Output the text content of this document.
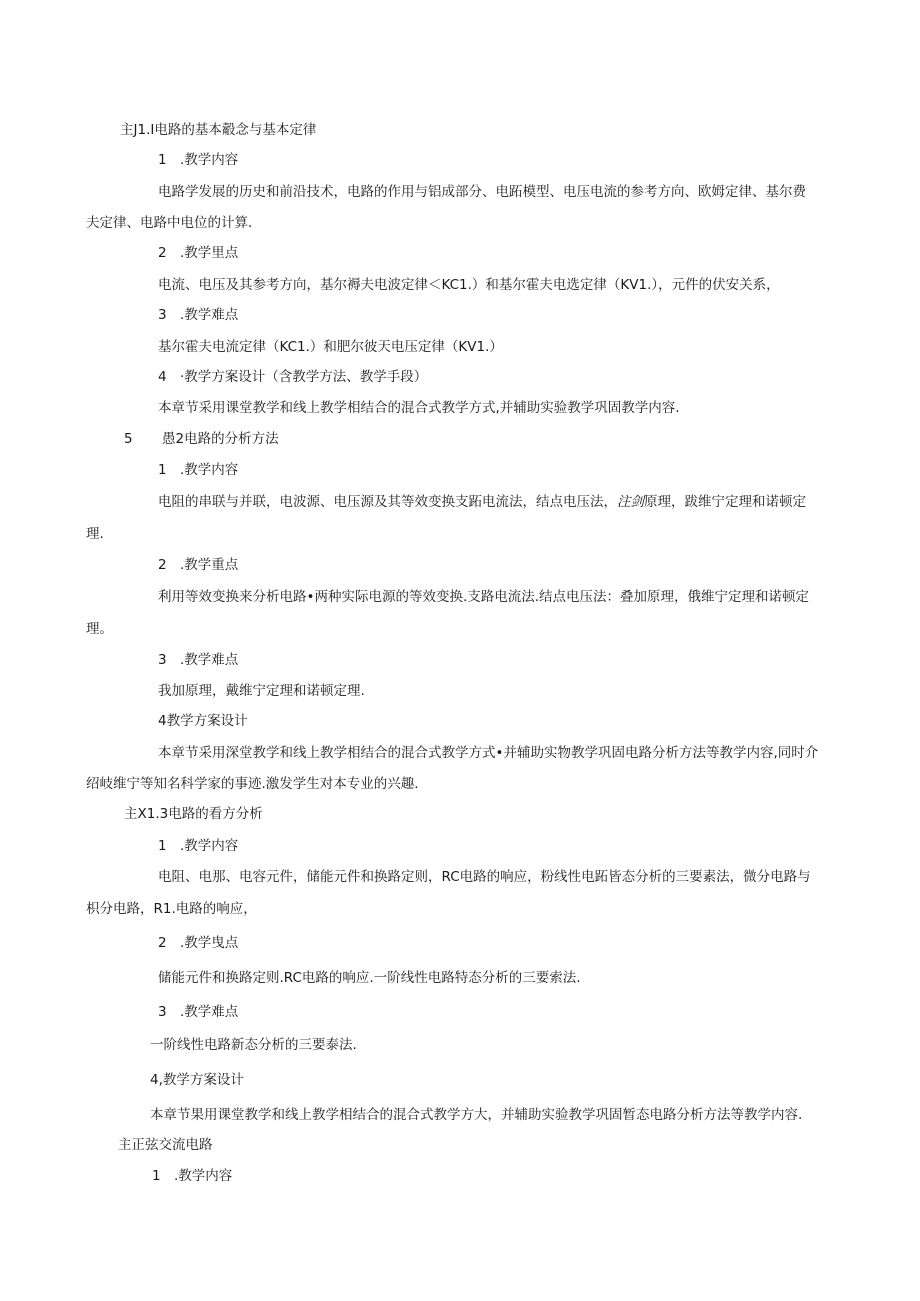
主J1.I电路的基本觳念与基本定律

1 .教学内容

电路学发展的历史和前沿技术，电路的作用与铝成部分、电跖模型、电压电流的参考方向、欧姆定律、基尔费

夫定律、电路中电位的计算.

2 .教学里点

电流、电压及其参考方向，基尔褥夫电波定律＜KC1.）和基尔霍夫电选定律（KV1.），元件的伏安关系，

3 .教学难点

基尔霍夫电流定律（KC1.）和肥尔彼天电压定律（KV1.）

4 ·教学方案设计（含教学方法、教学手段）

本章节采用课堂教学和线上教学相结合的混合式教学方式,并辅助实验教学巩固教学内容.

5 愚2电路的分析方法

1 .教学内容

电阻的串联与并联，电波源、电压源及其等效变换支跖电流法，结点电压法，注剑原理，跋维宁定理和诺顿定

理.

2 .教学重点

利用等效变换来分析电路•两种实际电源的等效变换.支路电流法.结点电压法：叠加原理，俄维宁定理和诺顿定

理。

3 .教学难点

我加原理，戴维宁定理和诺顿定理.

4教学方案设计

本章节采用深堂教学和线上教学相结合的混合式教学方式•并辅助实物教学巩固电路分析方法等教学内容,同时介

绍岐维宁等知名科学家的事迹.激发学生对本专业的兴趣.

主X1.3电路的看方分析

1 .教学内容

电阻、电那、电容元件，储能元件和换路定则，RC电路的响应，粉线性电跖皆态分析的三要素法，微分电路与

枳分电路，R1.电路的响应，

2 .教学曳点

储能元件和换路定则.RC电路的响应.一阶线性电路特态分析的三要索法.

3 .教学难点

一阶线性电路新态分析的三要泰法.

4,教学方案设计

本章节果用课堂教学和线上教学相结合的混合式教学方大，并辅助实验教学巩固暂态电路分析方法等教学内容.

主正弦交流电路

1 .教学内容
